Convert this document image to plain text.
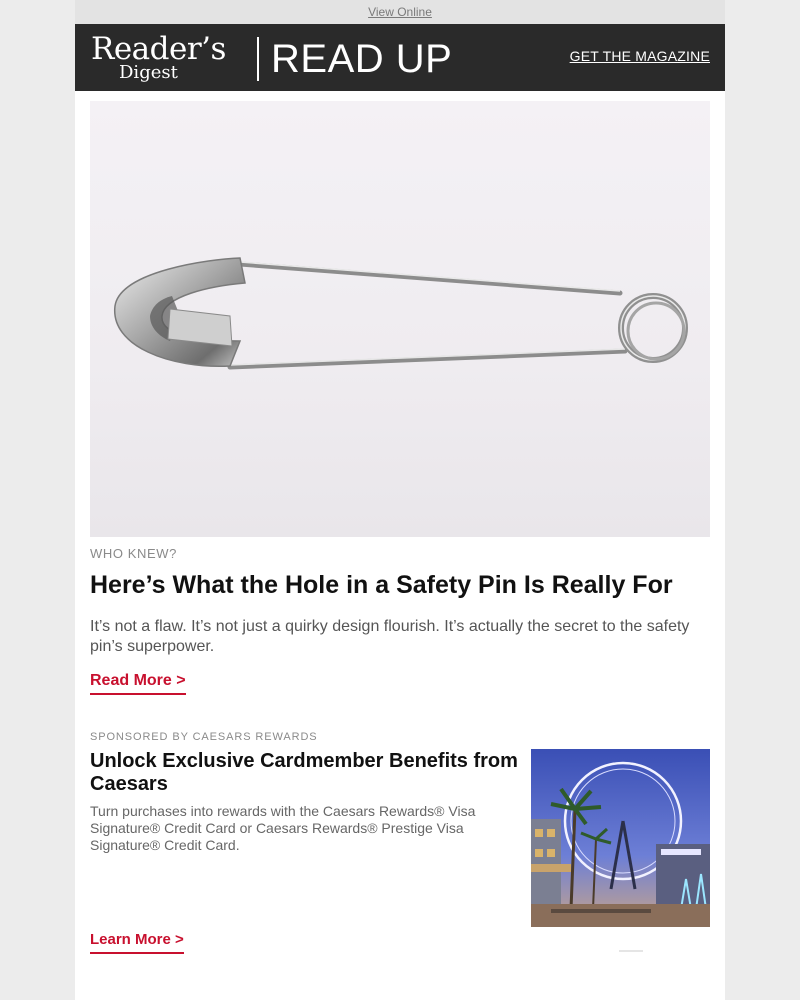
View Online
Reader’s
Digest READ UP	GET THE MAGAZINE
WHO KNEW?
Here’s What the Hole in a Safety Pin Is Really For
It’s not a flaw. It’s not just a quirky design flourish. It’s actually the secret to the safety pin’s superpower.
Read More >
SPONSORED BY CAESARS REWARDS
Unlock Exclusive Cardmember Benefits from Caesars
Turn purchases into rewards with the Caesars Rewards® Visa Signature® Credit Card or Caesars Rewards® Prestige Visa Signature® Credit Card.
Learn More >
